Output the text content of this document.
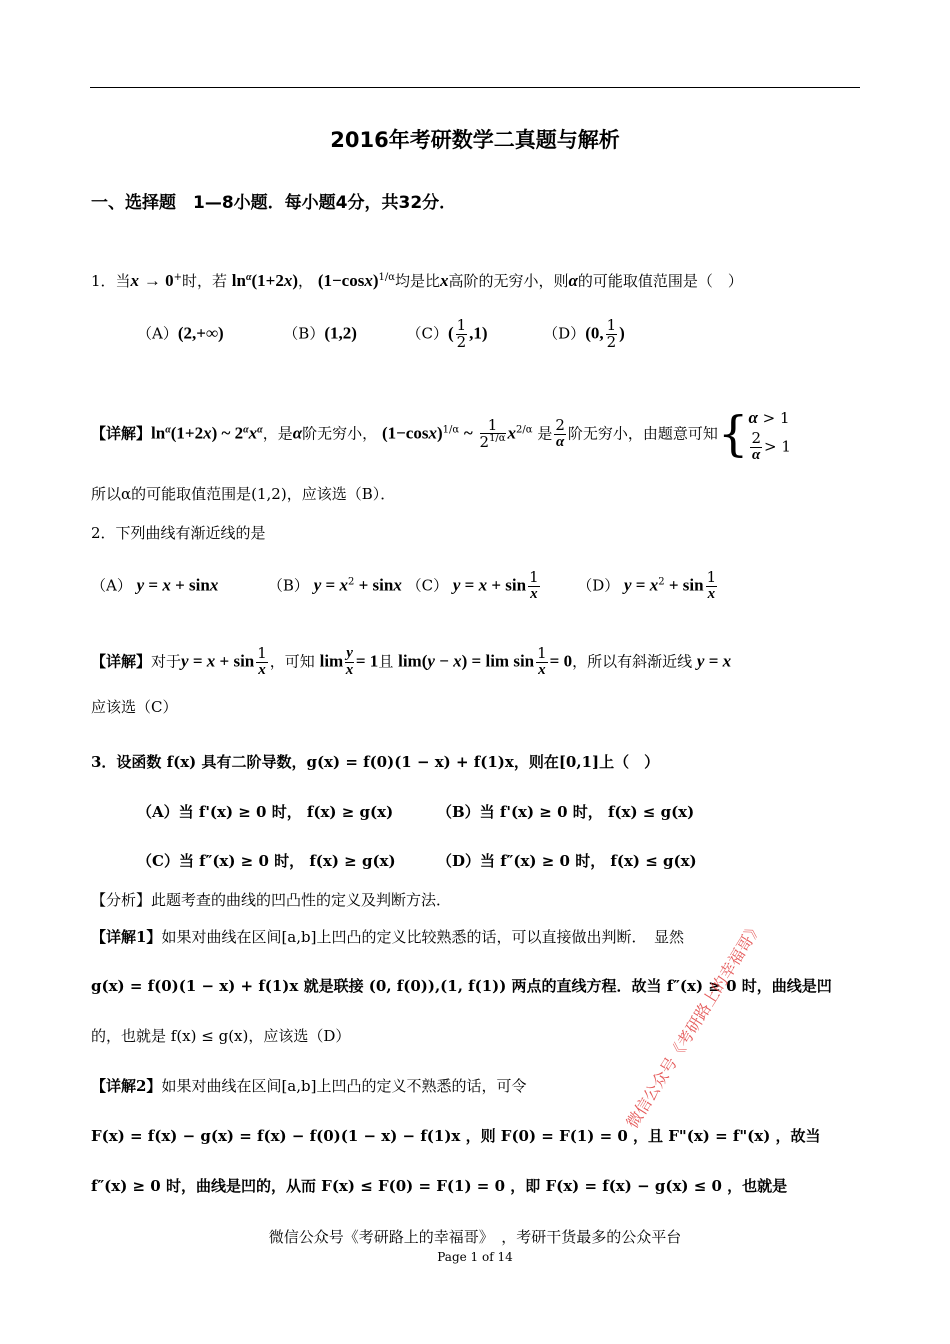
2016年考研数学二真题与解析
一、选择题　1—8小题．每小题4分，共32分．
1．当x → 0+时，若 $\ln^\alpha(1+2x)$， $(1-\cos x)^{1/\alpha}$均是比x高阶的无穷小，则α的可能取值范围是（　）
（A）(2,+∞)	（B）(1,2)	$(C)( \frac{1}{2} ,1)$	（D）(0, $\frac{1}{2}$ )
【详解】$\ln^\alpha(1+2x)$ ~ $2^\alpha x^\alpha$，是α阶无穷小， $(1-\cos x)^{1/\alpha}$ ~ $\frac{1}{2^{1/\alpha}} x^{2/\alpha}$ 是 $\frac{2}{\alpha}$ 阶无穷小，由题意可知{ α > 1
$\frac{2}{\alpha} > 1$
所以α的可能取值范围是(1,2)，应该选（B）．
2．下列曲线有渐近线的是
（A） y = x + sinx	（B） $y = x^2 + \sin x$ （C） $y = x + \sin \frac{1}{x}$	（D） $y = x^2 + \sin \frac{1}{x}$
【详解】对于$y = x + \sin \frac{1}{x}$ ，可知 $\lim \frac{y}{x} = 1$且 $\lim(y - x) = \lim \sin \frac{1}{x} = 0$，所以有斜渐近线 y = x
应该选（C）
3．设函数 f(x) 具有二阶导数，g(x) = f(0)(1 − x) + f(1)x，则在[0,1]上（　）
（A）当 f'(x) ≥ 0 时， f(x) ≥ g(x)	（B）当 f'(x) ≥ 0 时， f(x) ≤ g(x)
（C）当 f″(x) ≥ 0 时， f(x) ≥ g(x)	（D）当 f″(x) ≥ 0 时， f(x) ≤ g(x)
【分析】此题考查的曲线的凹凸性的定义及判断方法．
【详解1】如果对曲线在区间[a,b]上凹凸的定义比较熟悉的话，可以直接做出判断．　显然
g(x) = f(0)(1 − x) + f(1)x 就是联接 (0, f(0)),(1, f(1)) 两点的直线方程．故当 f″(x) ≥ 0 时，曲线是凹
的，也就是 f(x) ≤ g(x)，应该选（D）
【详解2】如果对曲线在区间[a,b]上凹凸的定义不熟悉的话，可令
F(x) = f(x) − g(x) = f(x) − f(0)(1 − x) − f(1)x ，则 F(0) = F(1) = 0 ，且 F"(x) = f"(x) ，故当
f″(x) ≥ 0 时，曲线是凹的，从而 F(x) ≤ F(0) = F(1) = 0 ，即 F(x) = f(x) − g(x) ≤ 0 ，也就是
微信公众号《考研路上的幸福哥》
微信公众号《考研路上的幸福哥》　，考研干货最多的公众平台
Page 1 of 14
